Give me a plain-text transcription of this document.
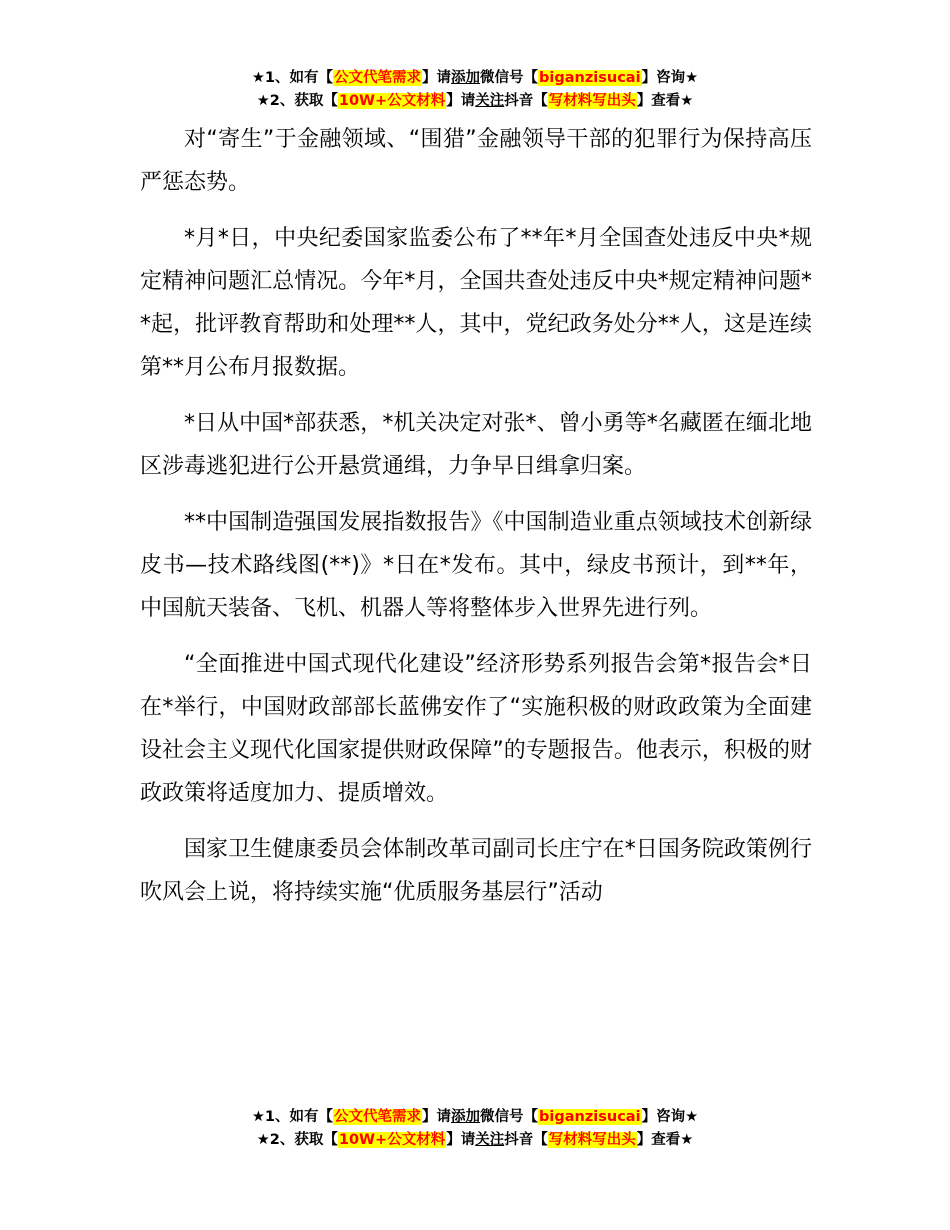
★1、如有【公文代笔需求】请添加微信号【biganzisucai】咨询★
★2、获取【10W+公文材料】请关注抖音【写材料写出头】查看★

对“寄生”于金融领域、“围猎”金融领导干部的犯罪行为保持高压严惩态势。

*月*日，中央纪委国家监委公布了**年*月全国查处违反中央*规定精神问题汇总情况。今年*月，全国共查处违反中央*规定精神问题**起，批评教育帮助和处理**人，其中，党纪政务处分**人，这是连续第**月公布月报数据。

*日从中国*部获悉，*机关决定对张*、曾小勇等*名藏匿在缅北地区涉毒逃犯进行公开悬赏通缉，力争早日缉拿归案。

**中国制造强国发展指数报告》《中国制造业重点领域技术创新绿皮书—技术路线图(**)》*日在*发布。其中，绿皮书预计，到**年，中国航天装备、飞机、机器人等将整体步入世界先进行列。

“全面推进中国式现代化建设”经济形势系列报告会第*报告会*日在*举行，中国财政部部长蓝佛安作了“实施积极的财政政策为全面建设社会主义现代化国家提供财政保障”的专题报告。他表示，积极的财政政策将适度加力、提质增效。

国家卫生健康委员会体制改革司副司长庄宁在*日国务院政策例行吹风会上说，将持续实施“优质服务基层行”活动

★1、如有【公文代笔需求】请添加微信号【biganzisucai】咨询★
★2、获取【10W+公文材料】请关注抖音【写材料写出头】查看★
